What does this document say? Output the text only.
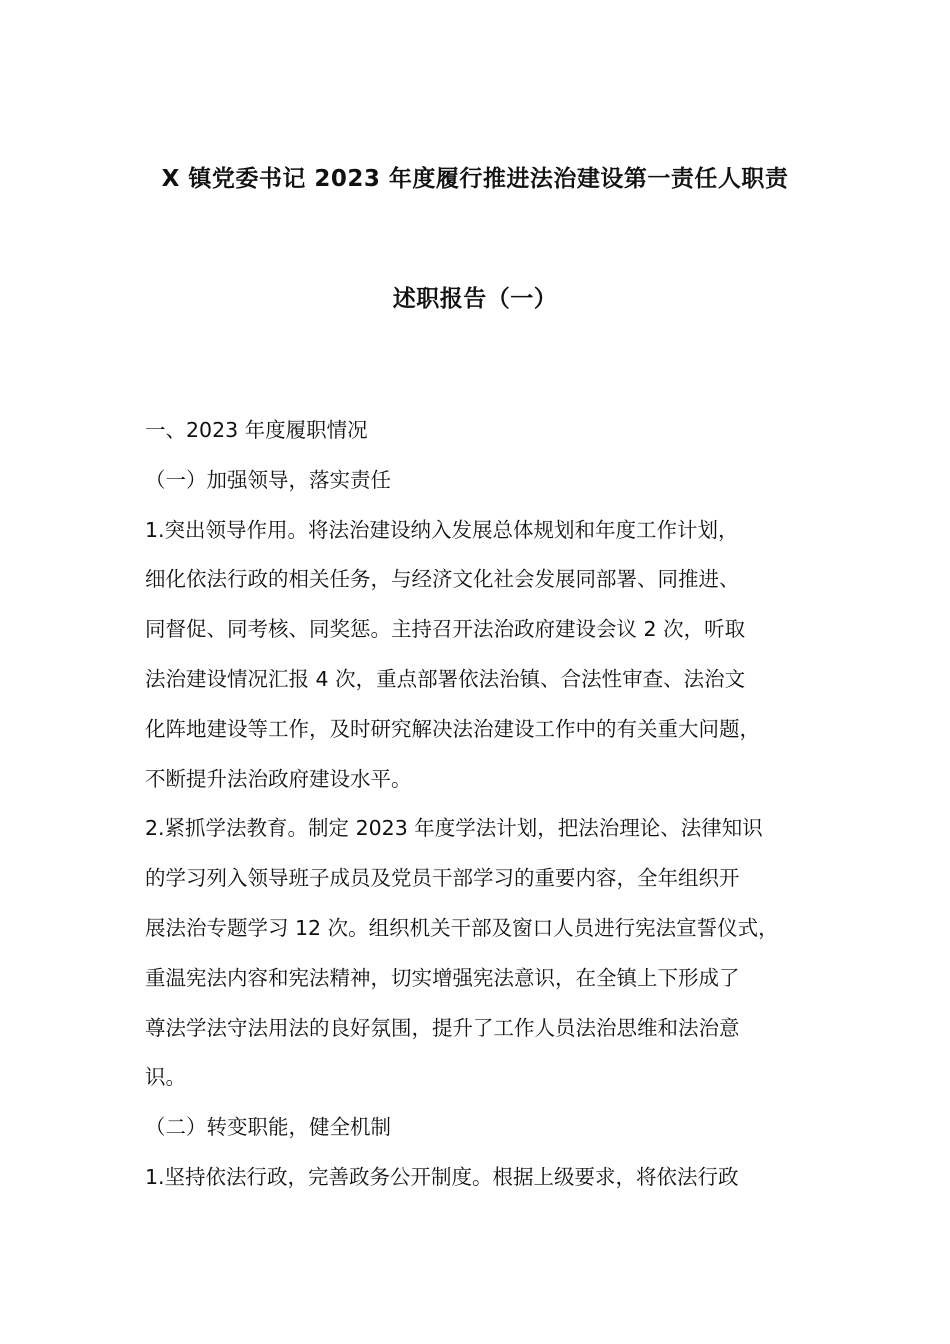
X 镇党委书记 2023 年度履行推进法治建设第一责任人职责
述职报告（一）

一、2023 年度履职情况

（一）加强领导，落实责任

1.突出领导作用。将法治建设纳入发展总体规划和年度工作计划，

细化依法行政的相关任务，与经济文化社会发展同部署、同推进、

同督促、同考核、同奖惩。主持召开法治政府建设会议 2 次，听取

法治建设情况汇报 4 次，重点部署依法治镇、合法性审查、法治文

化阵地建设等工作，及时研究解决法治建设工作中的有关重大问题，

不断提升法治政府建设水平。

2.紧抓学法教育。制定 2023 年度学法计划，把法治理论、法律知识

的学习列入领导班子成员及党员干部学习的重要内容，全年组织开

展法治专题学习 12 次。组织机关干部及窗口人员进行宪法宣誓仪式，

重温宪法内容和宪法精神，切实增强宪法意识，在全镇上下形成了

尊法学法守法用法的良好氛围，提升了工作人员法治思维和法治意

识。

（二）转变职能，健全机制

1.坚持依法行政，完善政务公开制度。根据上级要求，将依法行政
